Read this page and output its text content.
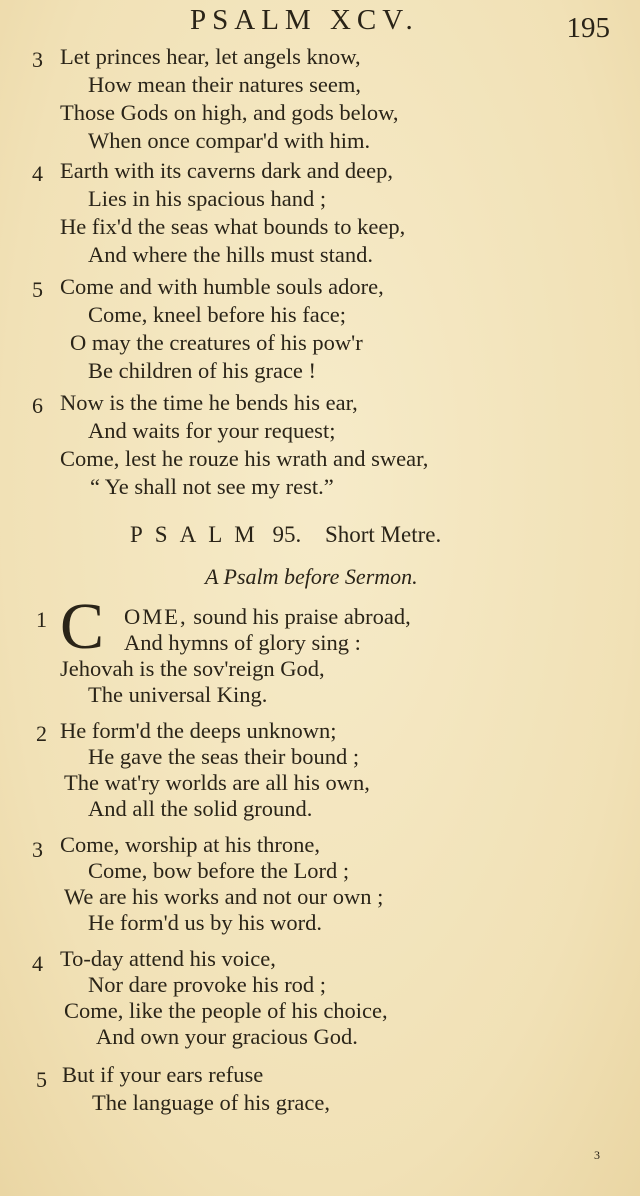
PSALM XCV.	195
3 Let princes hear, let angels know,
How mean their natures seem,
Those Gods on high, and gods below,
When once compar'd with him.
4 Earth with its caverns dark and deep,
Lies in his spacious hand ;
He fix'd the seas what bounds to keep,
And where the hills must stand.
5 Come and with humble souls adore,
Come, kneel before his face;
O may the creatures of his pow'r
Be children of his grace !
6 Now is the time he bends his ear,
And waits for your request;
Come, lest he rouze his wrath and swear,
“ Ye shall not see my rest.”
PSALM 95. Short Metre.
A Psalm before Sermon.
1	OME, sound his praise abroad,
And hymns of glory sing :
Jehovah is the sov'reign God,
The universal King.
C
2 He form'd the deeps unknown;
He gave the seas their bound ;
The wat'ry worlds are all his own,
And all the solid ground.
3 Come, worship at his throne,
Come, bow before the Lord ;
We are his works and not our own ;
He form'd us by his word.
4 To-day attend his voice,
Nor dare provoke his rod ;
Come, like the people of his choice,
And own your gracious God.
5 But if your ears refuse
The language of his grace,
3
